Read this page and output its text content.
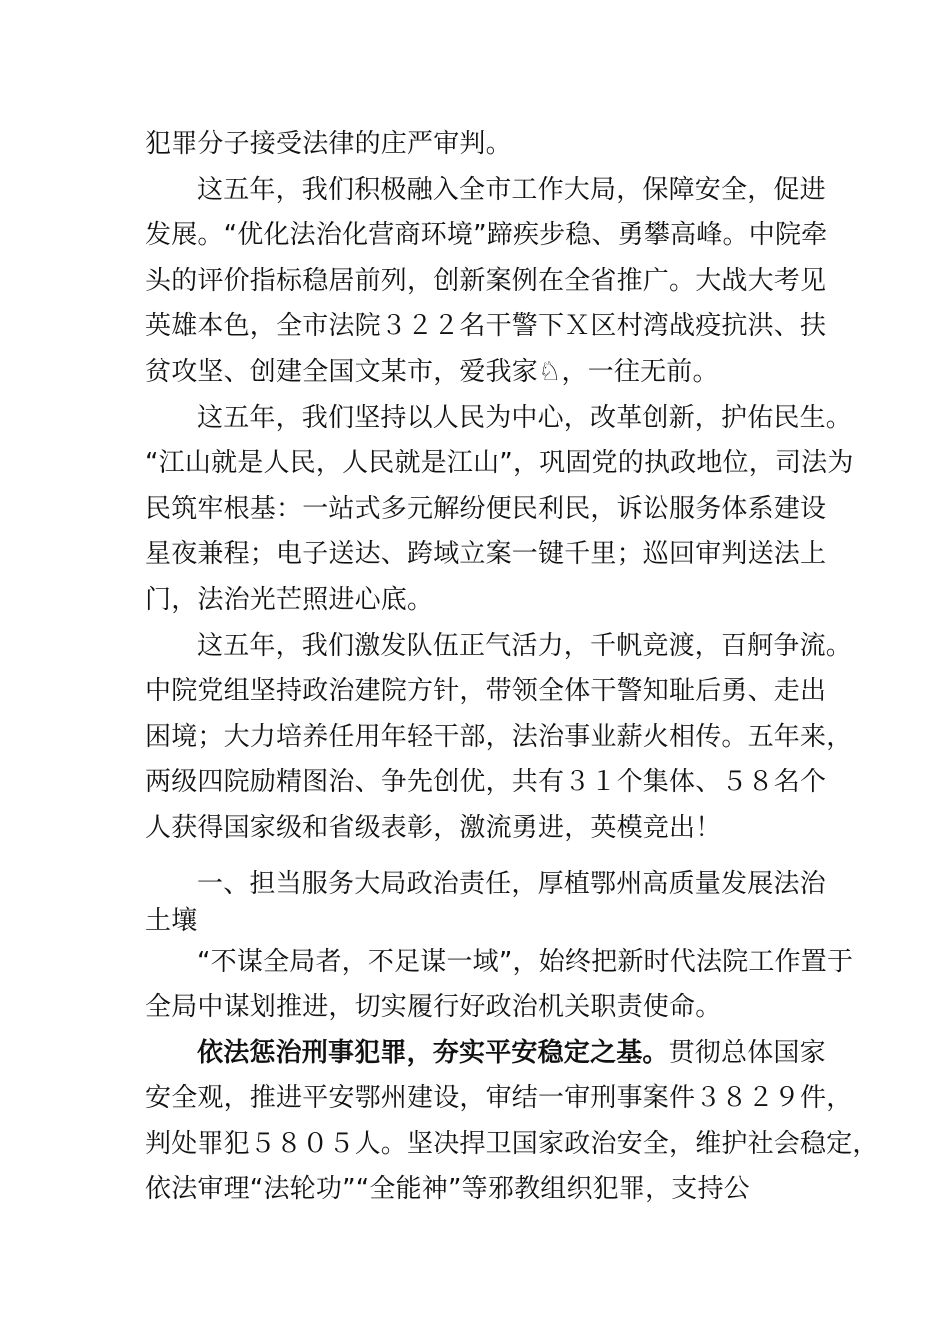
犯罪分子接受法律的庄严审判。
这五年，我们积极融入全市工作大局，保障安全，促进
发展。“优化法治化营商环境”蹄疾步稳、勇攀高峰。中院牵
头的评价指标稳居前列，创新案例在全省推广。大战大考见
英雄本色，全市法院３２２名干警下Ｘ区村湾战疫抗洪、扶
贫攻坚、创建全国文某市，爱我家♘，一往无前。
这五年，我们坚持以人民为中心，改革创新，护佑民生。
“江山就是人民，人民就是江山”，巩固党的执政地位，司法为
民筑牢根基：一站式多元解纷便民利民，诉讼服务体系建设
星夜兼程；电子送达、跨域立案一键千里；巡回审判送法上
门，法治光芒照进心底。
这五年，我们激发队伍正气活力，千帆竞渡，百舸争流。
中院党组坚持政治建院方针，带领全体干警知耻后勇、走出
困境；大力培养任用年轻干部，法治事业薪火相传。五年来，
两级四院励精图治、争先创优，共有３１个集体、５８名个
人获得国家级和省级表彰，激流勇进，英模竞出！
一、担当服务大局政治责任，厚植鄂州高质量发展法治
土壤
“不谋全局者，不足谋一域”，始终把新时代法院工作置于
全局中谋划推进，切实履行好政治机关职责使命。
依法惩治刑事犯罪，夯实平安稳定之基。贯彻总体国家
安全观，推进平安鄂州建设，审结一审刑事案件３８２９件，
判处罪犯５８０５人。坚决捍卫国家政治安全，维护社会稳定，
依法审理“法轮功”“全能神”等邪教组织犯罪，支持公
